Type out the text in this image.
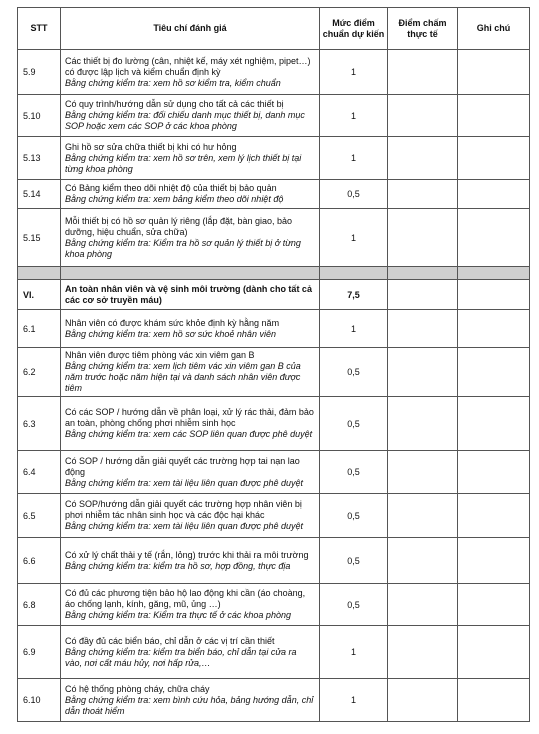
STT	Tiêu chí đánh giá	Mức điểm chuẩn dự kiến	Điểm chấm thực tế	Ghi chú
5.9	Các thiết bị đo lường (cân, nhiệt kế, máy xét nghiệm, pipet…) có được lập lịch và kiểm chuẩn định kỳ
Bằng chứng kiểm tra: xem hồ sơ kiểm tra, kiểm chuẩn	1		
5.10	Có quy trình/hướng dẫn sử dụng cho tất cả các thiết bị
Bằng chứng kiểm tra: đối chiếu danh mục thiết bị, danh mục SOP hoặc xem các SOP ở các khoa phòng	1		
5.13	Ghi hồ sơ sửa chữa thiết bị khi có hư hỏng
Bằng chứng kiểm tra: xem hồ sơ trên, xem lý lịch thiết bị tại từng khoa phòng	1		
5.14	Có Bảng kiểm theo dõi nhiệt độ của thiết bị bảo quản
Bằng chứng kiểm tra: xem bảng kiểm theo dõi nhiệt độ	0,5		
5.15	Mỗi thiết bị có hồ sơ quản lý riêng (lắp đặt, bàn giao, bảo dưỡng, hiệu chuẩn, sửa chữa)
Bằng chứng kiểm tra: Kiểm tra hồ sơ quản lý thiết bị ở từng khoa phòng	1		

VI.	An toàn nhân viên và vệ sinh môi trường (dành cho tất cả các cơ sở truyền máu)	7,5		
6.1	Nhân viên có được khám sức khỏe định kỳ hằng năm
Bằng chứng kiểm tra: xem hồ sơ sức khoẻ nhân viên	1		
6.2	Nhân viên được tiêm phòng vác xin viêm gan B
Bằng chứng kiểm tra: xem lịch tiêm vác xin viêm gan B của năm trước hoặc năm hiện tại và danh sách nhân viên được tiêm	0,5		
6.3	Có các SOP / hướng dẫn về phân loại, xử lý rác thải, đảm bảo an toàn, phòng chống phơi nhiễm sinh học
Bằng chứng kiểm tra: xem các SOP liên quan được phê duyệt	0,5		
6.4	Có SOP / hướng dẫn giải quyết các trường hợp tai nạn lao động
Bằng chứng kiểm tra: xem tài liệu liên quan được phê duyệt	0,5		
6.5	Có SOP/hướng dẫn giải quyết các trường hợp nhân viên bị phơi nhiễm tác nhân sinh học và các độc hại khác
Bằng chứng kiểm tra: xem tài liệu liên quan được phê duyệt	0,5		
6.6	Có xử lý chất thải y tế (rắn, lỏng) trước khi thải ra môi trường
Bằng chứng kiểm tra: kiểm tra hồ sơ, hợp đồng, thực địa	0,5		
6.8	Có đủ các phương tiện bảo hộ lao động khi cần (áo choàng, áo chống lạnh, kính, găng, mũ, ủng …)
Bằng chứng kiểm tra: Kiểm tra thực tế ở các khoa phòng	0,5		
6.9	Có đầy đủ các biển báo, chỉ dẫn ở các vị trí cần thiết
Bằng chứng kiểm tra: kiểm tra biển báo, chỉ dẫn tại cửa ra vào, nơi cất máu hủy, nơi hấp rửa,…	1		
6.10	Có hệ thống phòng cháy, chữa cháy
Bằng chứng kiểm tra: xem bình cứu hỏa, bảng hướng dẫn, chỉ dẫn thoát hiểm	1		
